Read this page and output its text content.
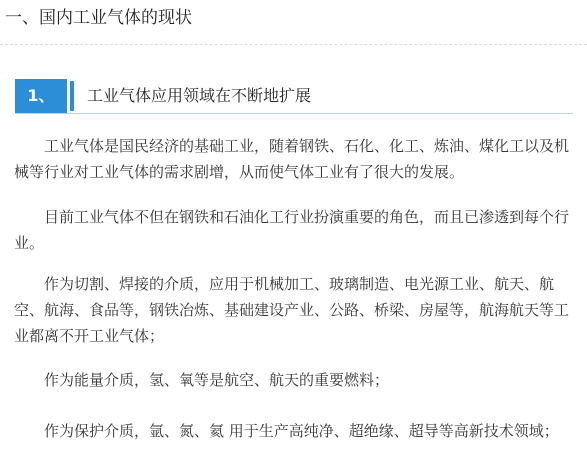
一、国内工业气体的现状
1、	工业气体应用领域在不断地扩展

工业气体是国民经济的基础工业，随着钢铁、石化、化工、炼油、煤化工以及机械等行业对工业气体的需求剧增，从而使气体工业有了很大的发展。

目前工业气体不但在钢铁和石油化工行业扮演重要的角色，而且已渗透到每个行业。

作为切割、焊接的介质，应用于机械加工、玻璃制造、电光源工业、航天、航空、航海、食品等，钢铁冶炼、基础建设产业、公路、桥梁、房屋等，航海航天等工业都离不开工业气体；

作为能量介质，氢、氧等是航空、航天的重要燃料；

作为保护介质，氩、氮、氦 用于生产高纯净、超绝缘、超导等高新技术领域；
